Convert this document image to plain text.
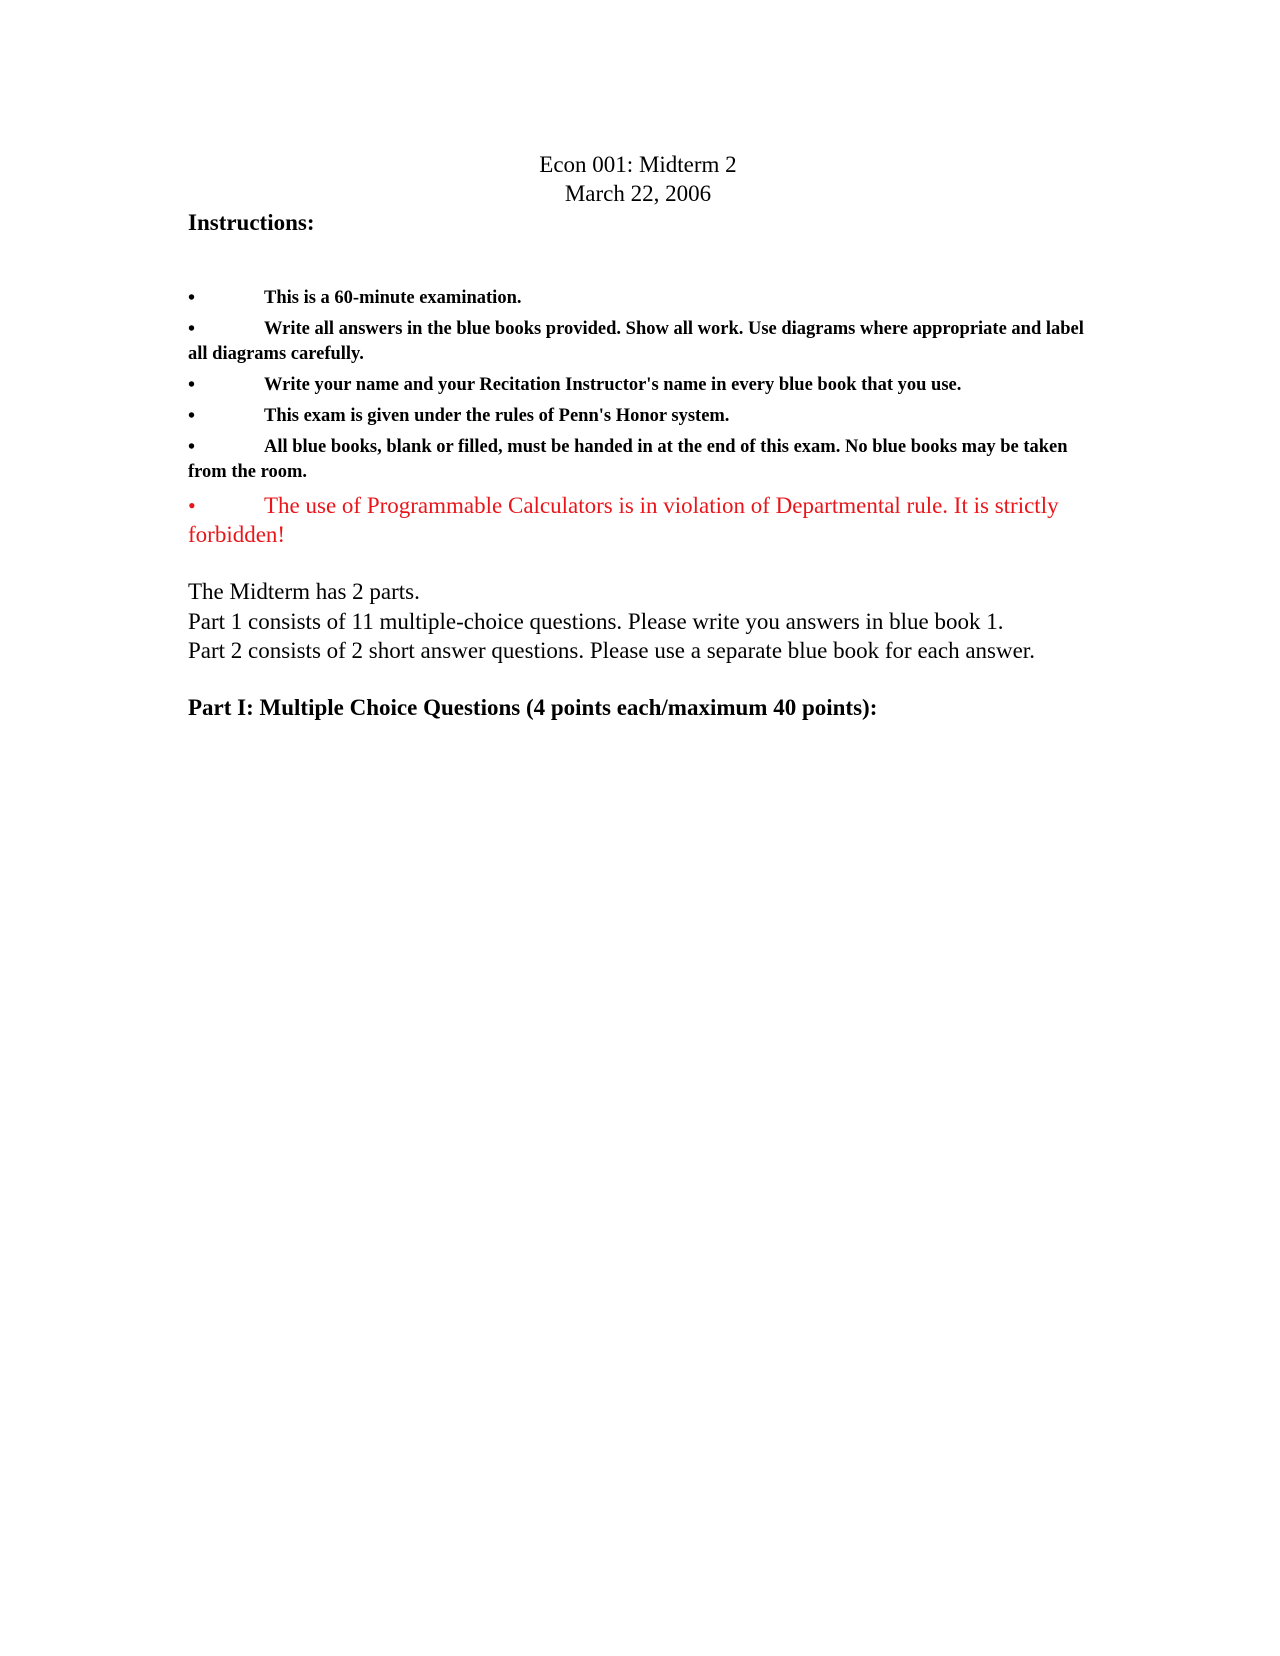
Econ 001: Midterm 2

March 22, 2006

Instructions:

•	This is a 60-minute examination.
•	Write all answers in the blue books provided. Show all work. Use diagrams where appropriate and label all diagrams carefully.
•	Write your name and your Recitation Instructor's name in every blue book that you use.
•	This exam is given under the rules of Penn's Honor system.
•	All blue books, blank or filled, must be handed in at the end of this exam. No blue books may be taken from the room.
•	The use of Programmable Calculators is in violation of Departmental rule. It is strictly forbidden!

The Midterm has 2 parts.

Part 1 consists of 11 multiple-choice questions. Please write you answers in blue book 1.

Part 2 consists of 2 short answer questions. Please use a separate blue book for each answer.

Part I: Multiple Choice Questions (4 points each/maximum 40 points):
